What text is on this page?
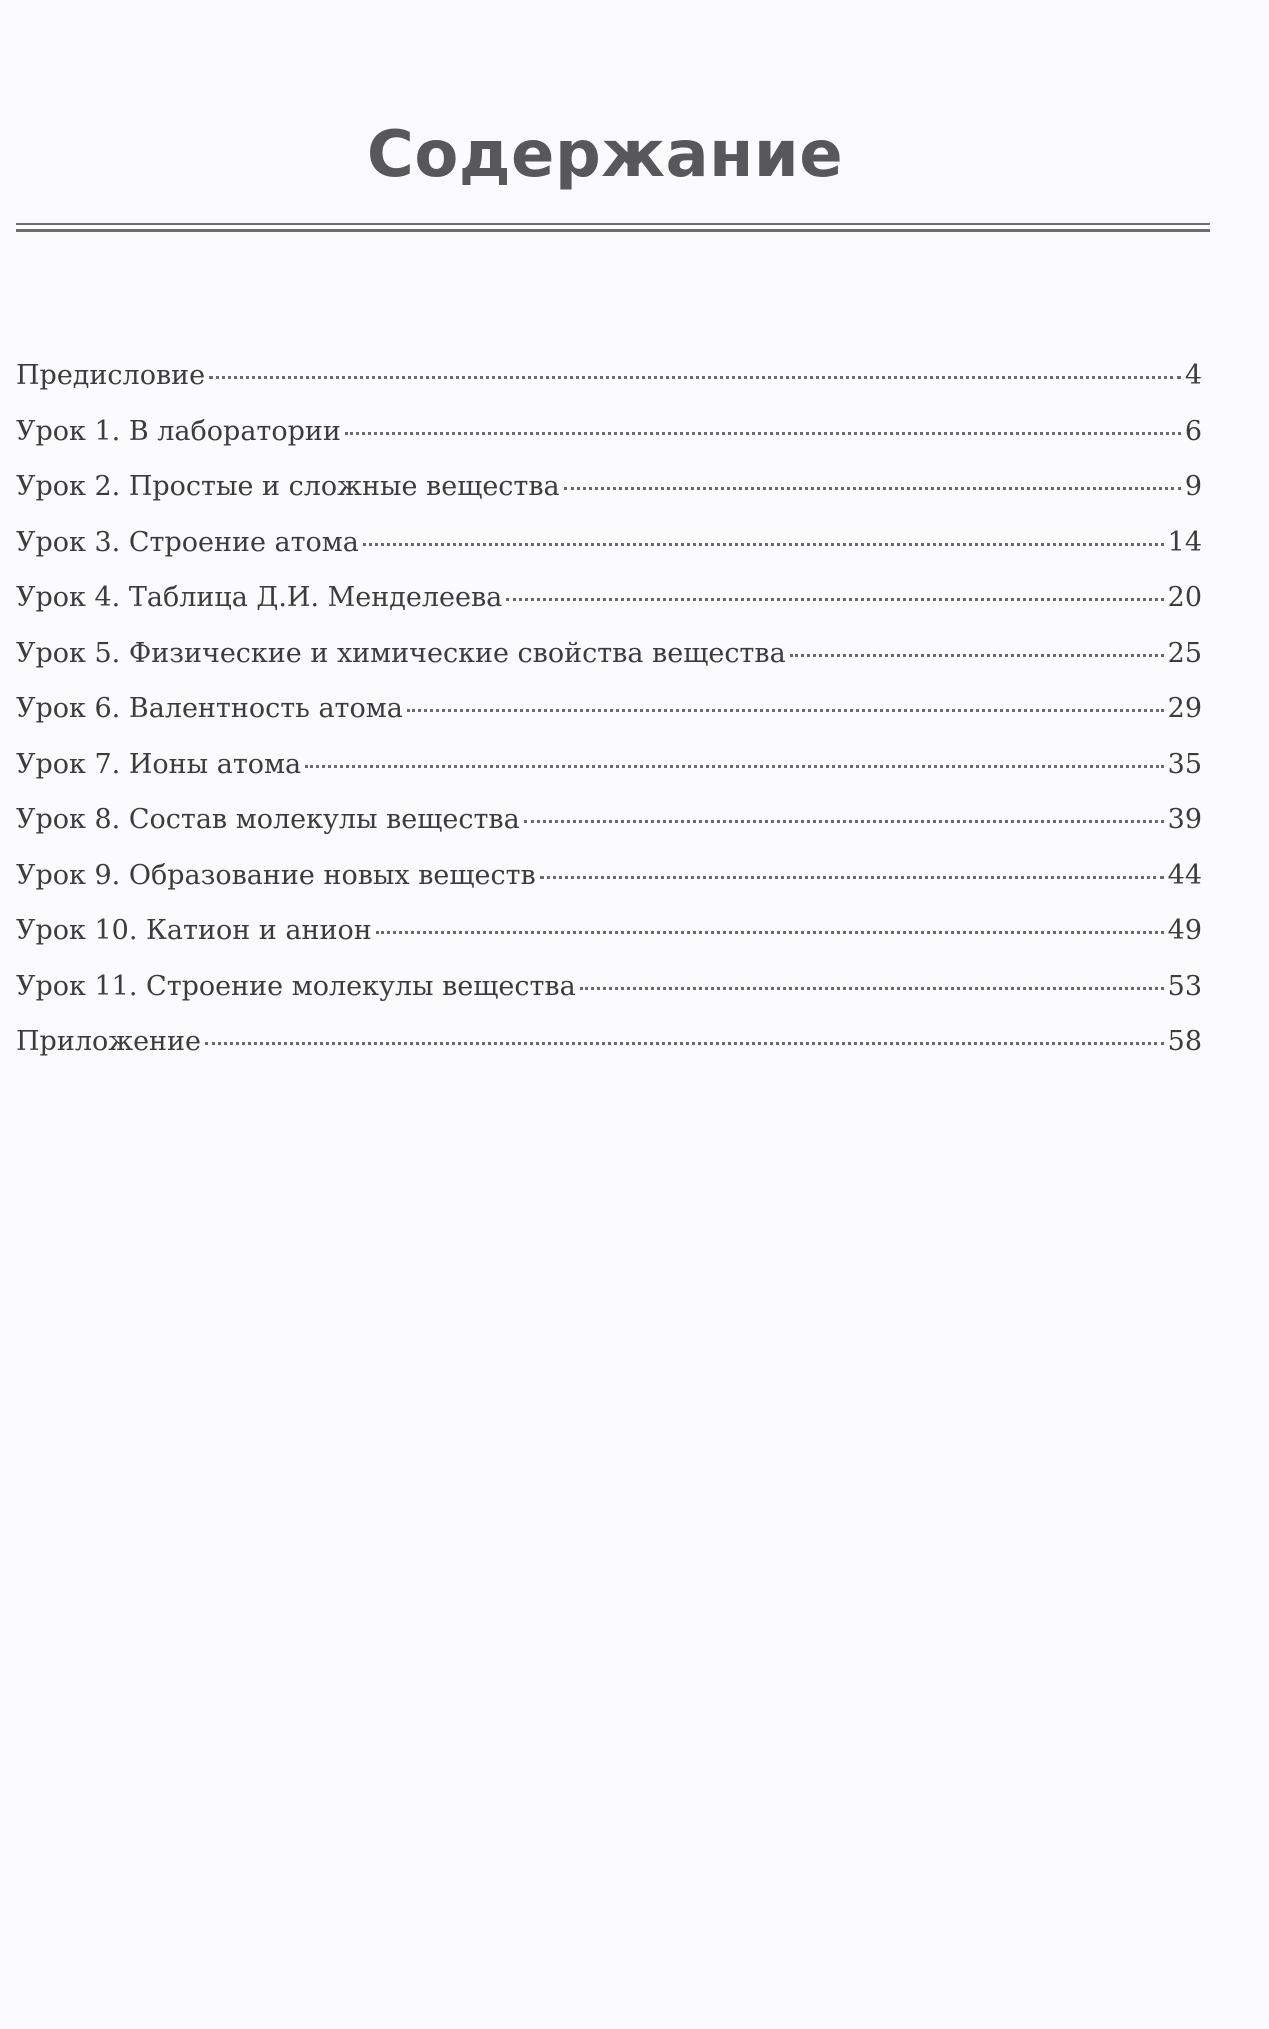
Содержание
Предисловие	4
Урок 1. В лаборатории	6
Урок 2. Простые и сложные вещества	9
Урок 3. Строение атома	14
Урок 4. Таблица Д.И. Менделеева	20
Урок 5. Физические и химические свойства вещества	25
Урок 6. Валентность атома	29
Урок 7. Ионы атома	35
Урок 8. Состав молекулы вещества	39
Урок 9. Образование новых веществ	44
Урок 10. Катион и анион	49
Урок 11. Строение молекулы вещества	53
Приложение	58
